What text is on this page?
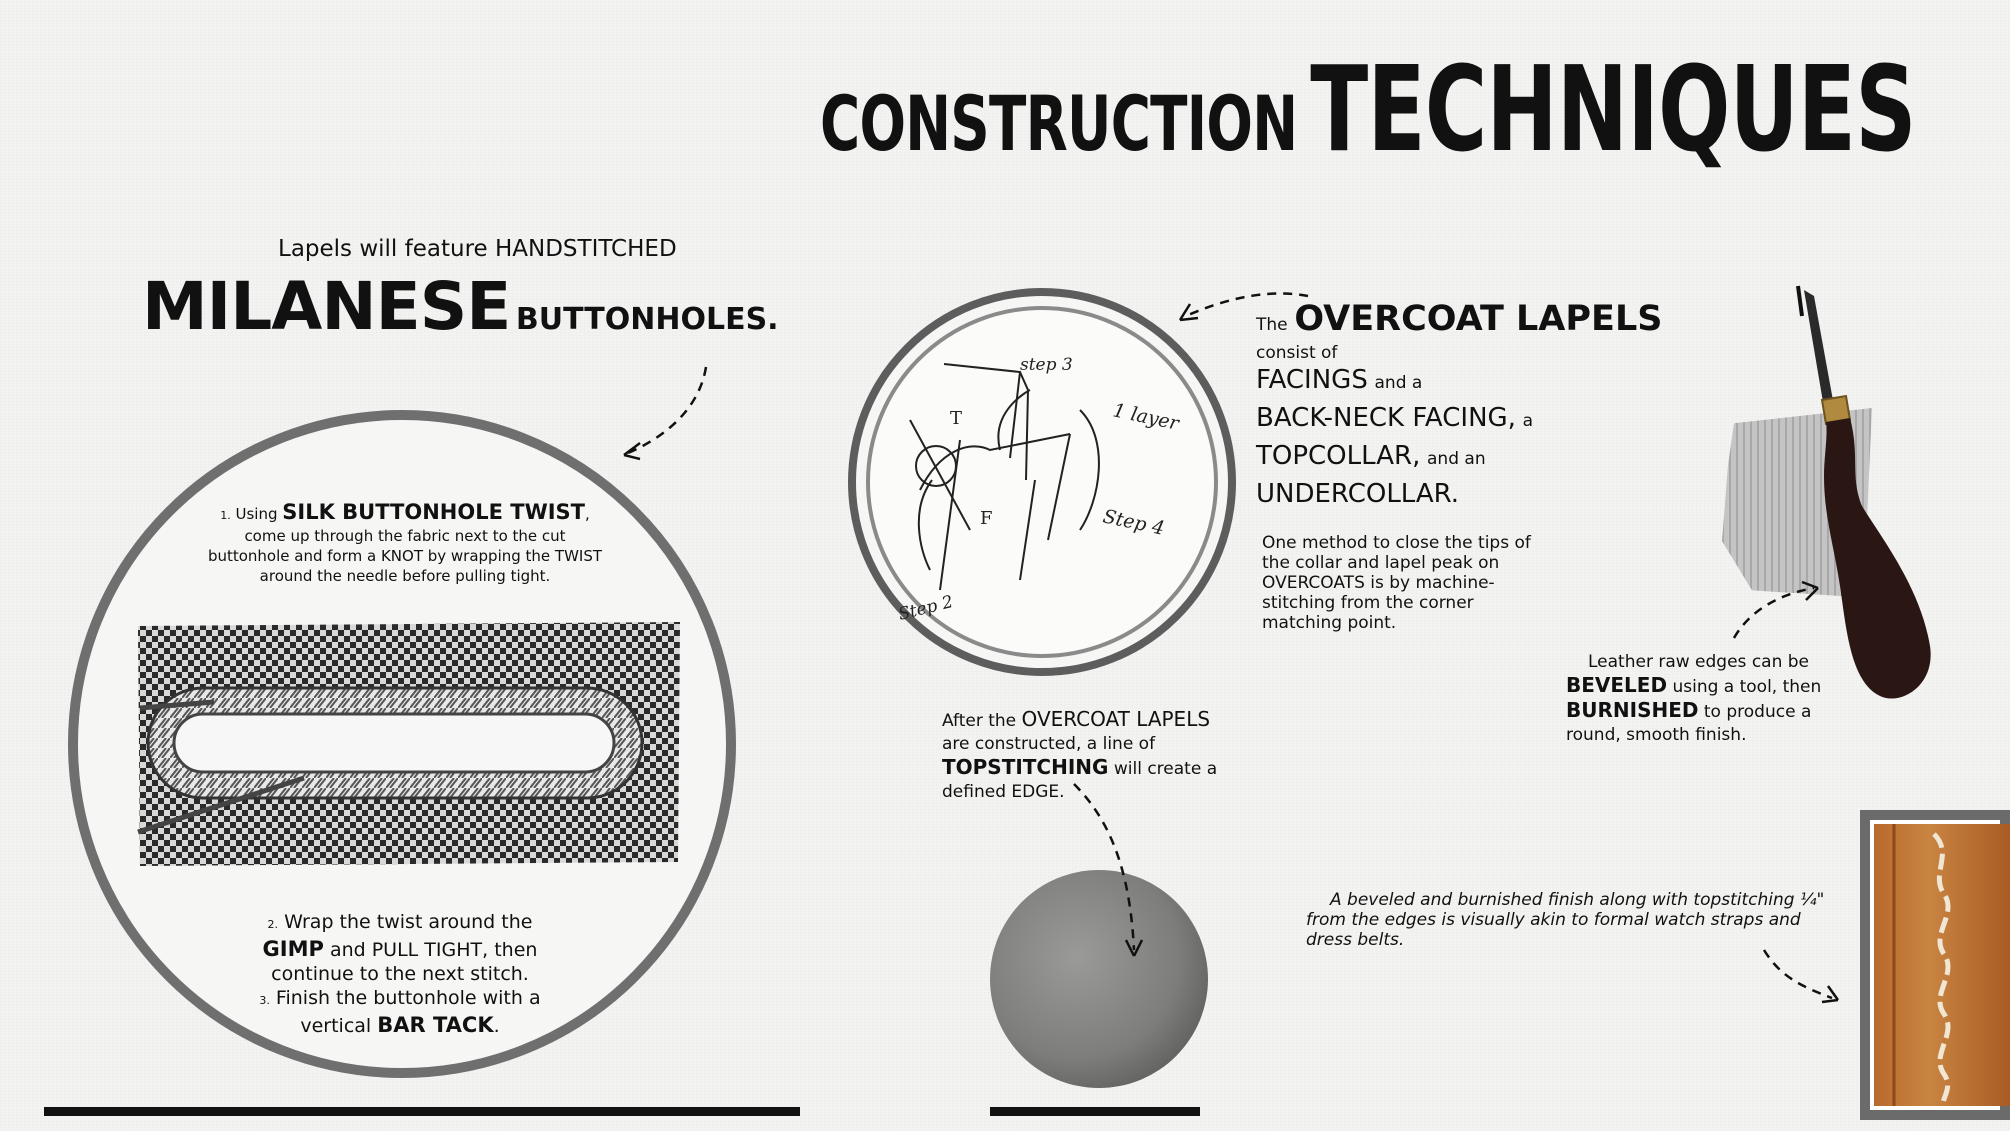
CONSTRUCTION TECHNIQUES
Lapels will feature HANDSTITCHED
MILANESE BUTTONHOLES.
1. Using SILK BUTTONHOLE TWIST, come up through the fabric next to the cut buttonhole and form a KNOT by wrapping the TWIST around the needle before pulling tight.
2. Wrap the twist around the
GIMP and PULL TIGHT, then continue to the next stitch.
3. Finish the buttonhole with a vertical BAR TACK.
step 3
1 layer
Step 4
Step 2
T
F
The OVERCOAT LAPELS
consist of
FACINGS and a
BACK-NECK FACING, a
TOPCOLLAR, and an
UNDERCOLLAR.
One method to close the tips of the collar and lapel peak on OVERCOATS is by machine-stitching from the corner matching point.
After the OVERCOAT LAPELS are constructed, a line of TOPSTITCHING will create a defined EDGE.
Leather raw edges can be
BEVELED using a tool, then
BURNISHED to produce a round, smooth finish.
A beveled and burnished finish along with topstitching ¼" from the edges is visually akin to formal watch straps and dress belts.
